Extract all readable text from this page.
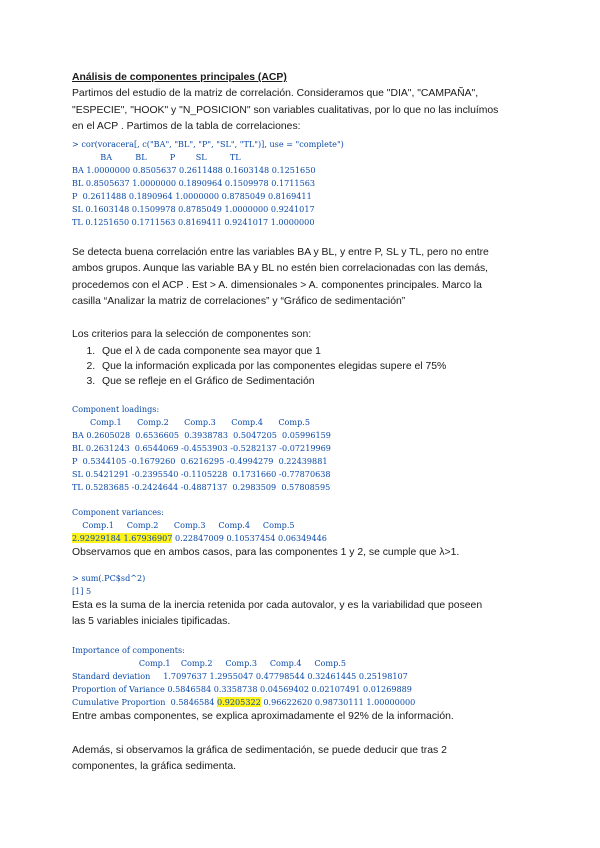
Análisis de componentes principales (ACP)

Partimos del estudio de la matriz de correlación. Consideramos que "DIA", "CAMPAÑA",

"ESPECIE", "HOOK" y "N_POSICION" son variables cualitativas, por lo que no las incluímos

en el ACP . Partimos de la tabla de correlaciones:

> cor(voracera[, c("BA", "BL", "P", "SL", "TL")], use = "complete")

BA         BL         P        SL         TL

BA 1.0000000 0.8505637 0.2611488 0.1603148 0.1251650

BL 0.8505637 1.0000000 0.1890964 0.1509978 0.1711563

P  0.2611488 0.1890964 1.0000000 0.8785049 0.8169411

SL 0.1603148 0.1509978 0.8785049 1.0000000 0.9241017

TL 0.1251650 0.1711563 0.8169411 0.9241017 1.0000000

Se detecta buena correlación entre las variables BA y BL, y entre P, SL y TL, pero no entre

ambos grupos. Aunque las variable BA y BL no estén bien correlacionadas con las demás,

procedemos con el ACP . Est > A. dimensionales > A. componentes principales. Marco la

casilla “Analizar la matriz de correlaciones” y “Gráfico de sedimentación”

Los criterios para la selección de componentes son:

1. Que el λ de cada componente sea mayor que 1
2. Que la información explicada por las componentes elegidas supere el 75%
3. Que se refleje en el Gráfico de Sedimentación

Component loadings:

Comp.1      Comp.2      Comp.3      Comp.4      Comp.5

BA 0.2605028  0.6536605  0.3938783  0.5047205  0.05996159

BL 0.2631243  0.6544069 -0.4553903 -0.5282137 -0.07219969

P  0.5344105 -0.1679260  0.6216295 -0.4994279  0.22439881

SL 0.5421291 -0.2395540 -0.1105228  0.1731660 -0.77870638

TL 0.5283685 -0.2424644 -0.4887137  0.2983509  0.57808595

Component variances:

Comp.1     Comp.2      Comp.3     Comp.4     Comp.5

2.92929184 1.67936907 0.22847009 0.10537454 0.06349446

Observamos que en ambos casos, para las componentes 1 y 2, se cumple que λ>1.

> sum(.PC$sd^2)

[1] 5

Esta es la suma de la inercia retenida por cada autovalor, y es la variabilidad que poseen

las 5 variables iniciales tipificadas.

Importance of components:

Comp.1    Comp.2     Comp.3     Comp.4     Comp.5

Standard deviation     1.7097637 1.2955047 0.47798544 0.32461445 0.25198107

Proportion of Variance 0.5846584 0.3358738 0.04569402 0.02107491 0.01269889

Cumulative Proportion  0.5846584 0.9205322 0.96622620 0.98730111 1.00000000

Entre ambas componentes, se explica aproximadamente el 92% de la información.

Además, si observamos la gráfica de sedimentación, se puede deducir que tras 2

componentes, la gráfica sedimenta.
